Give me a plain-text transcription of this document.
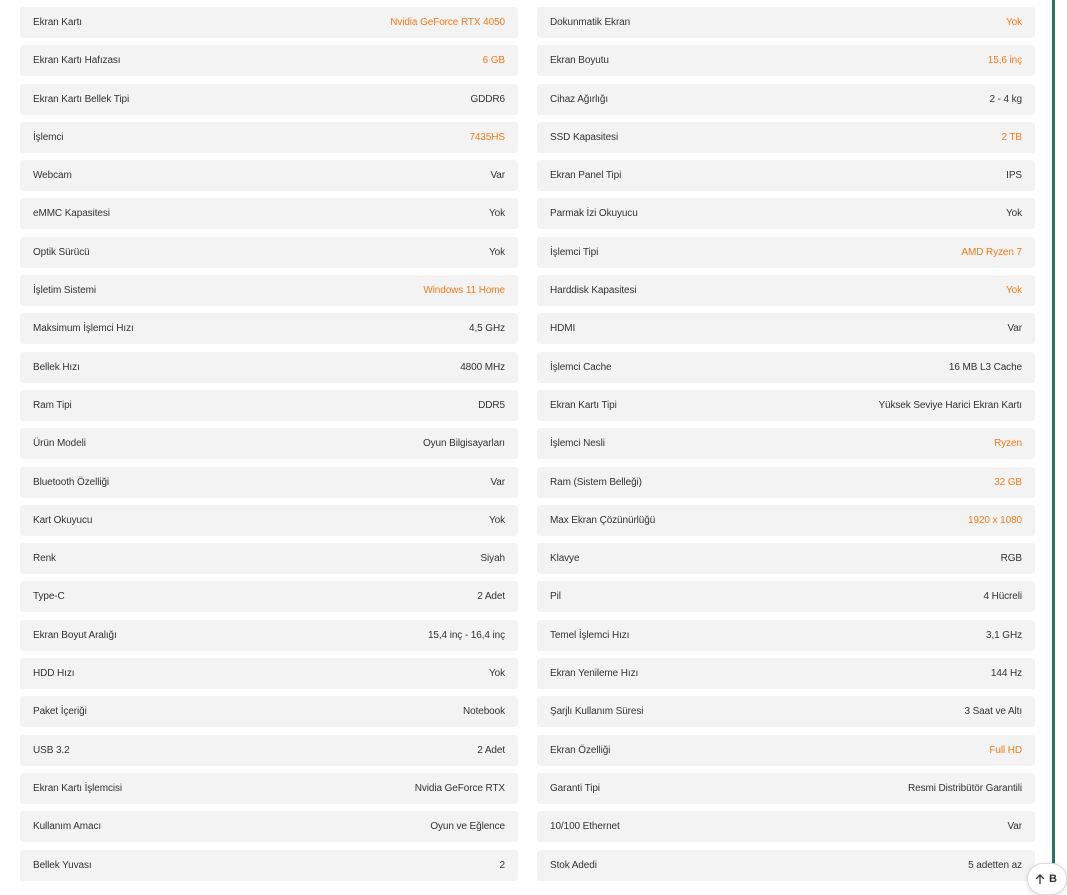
Ekran Kartı	Nvidia GeForce RTX 4050
Ekran Kartı Hafızası	6 GB
Ekran Kartı Bellek Tipi	GDDR6
İşlemci	7435HS
Webcam	Var
eMMC Kapasitesi	Yok
Optik Sürücü	Yok
İşletim Sistemi	Windows 11 Home
Maksimum İşlemci Hızı	4,5 GHz
Bellek Hızı	4800 MHz
Ram Tipi	DDR5
Ürün Modeli	Oyun Bilgisayarları
Bluetooth Özelliği	Var
Kart Okuyucu	Yok
Renk	Siyah
Type-C	2 Adet
Ekran Boyut Aralığı	15,4 inç - 16,4 inç
HDD Hızı	Yok
Paket İçeriği	Notebook
USB 3.2	2 Adet
Ekran Kartı İşlemcisi	Nvidia GeForce RTX
Kullanım Amacı	Oyun ve Eğlence
Bellek Yuvası	2
Dokunmatik Ekran	Yok
Ekran Boyutu	15,6 inç
Cihaz Ağırlığı	2 - 4 kg
SSD Kapasitesi	2 TB
Ekran Panel Tipi	IPS
Parmak İzi Okuyucu	Yok
İşlemci Tipi	AMD Ryzen 7
Harddisk Kapasitesi	Yok
HDMI	Var
İşlemci Cache	16 MB L3 Cache
Ekran Kartı Tipi	Yüksek Seviye Harici Ekran Kartı
İşlemci Nesli	Ryzen
Ram (Sistem Belleği)	32 GB
Max Ekran Çözünürlüğü	1920 x 1080
Klavye	RGB
Pil	4 Hücreli
Temel İşlemci Hızı	3,1 GHz
Ekran Yenileme Hızı	144 Hz
Şarjlı Kullanım Süresi	3 Saat ve Altı
Ekran Özelliği	Full HD
Garanti Tipi	Resmi Distribütör Garantili
10/100 Ethernet	Var
Stok Adedi	5 adetten az
B
